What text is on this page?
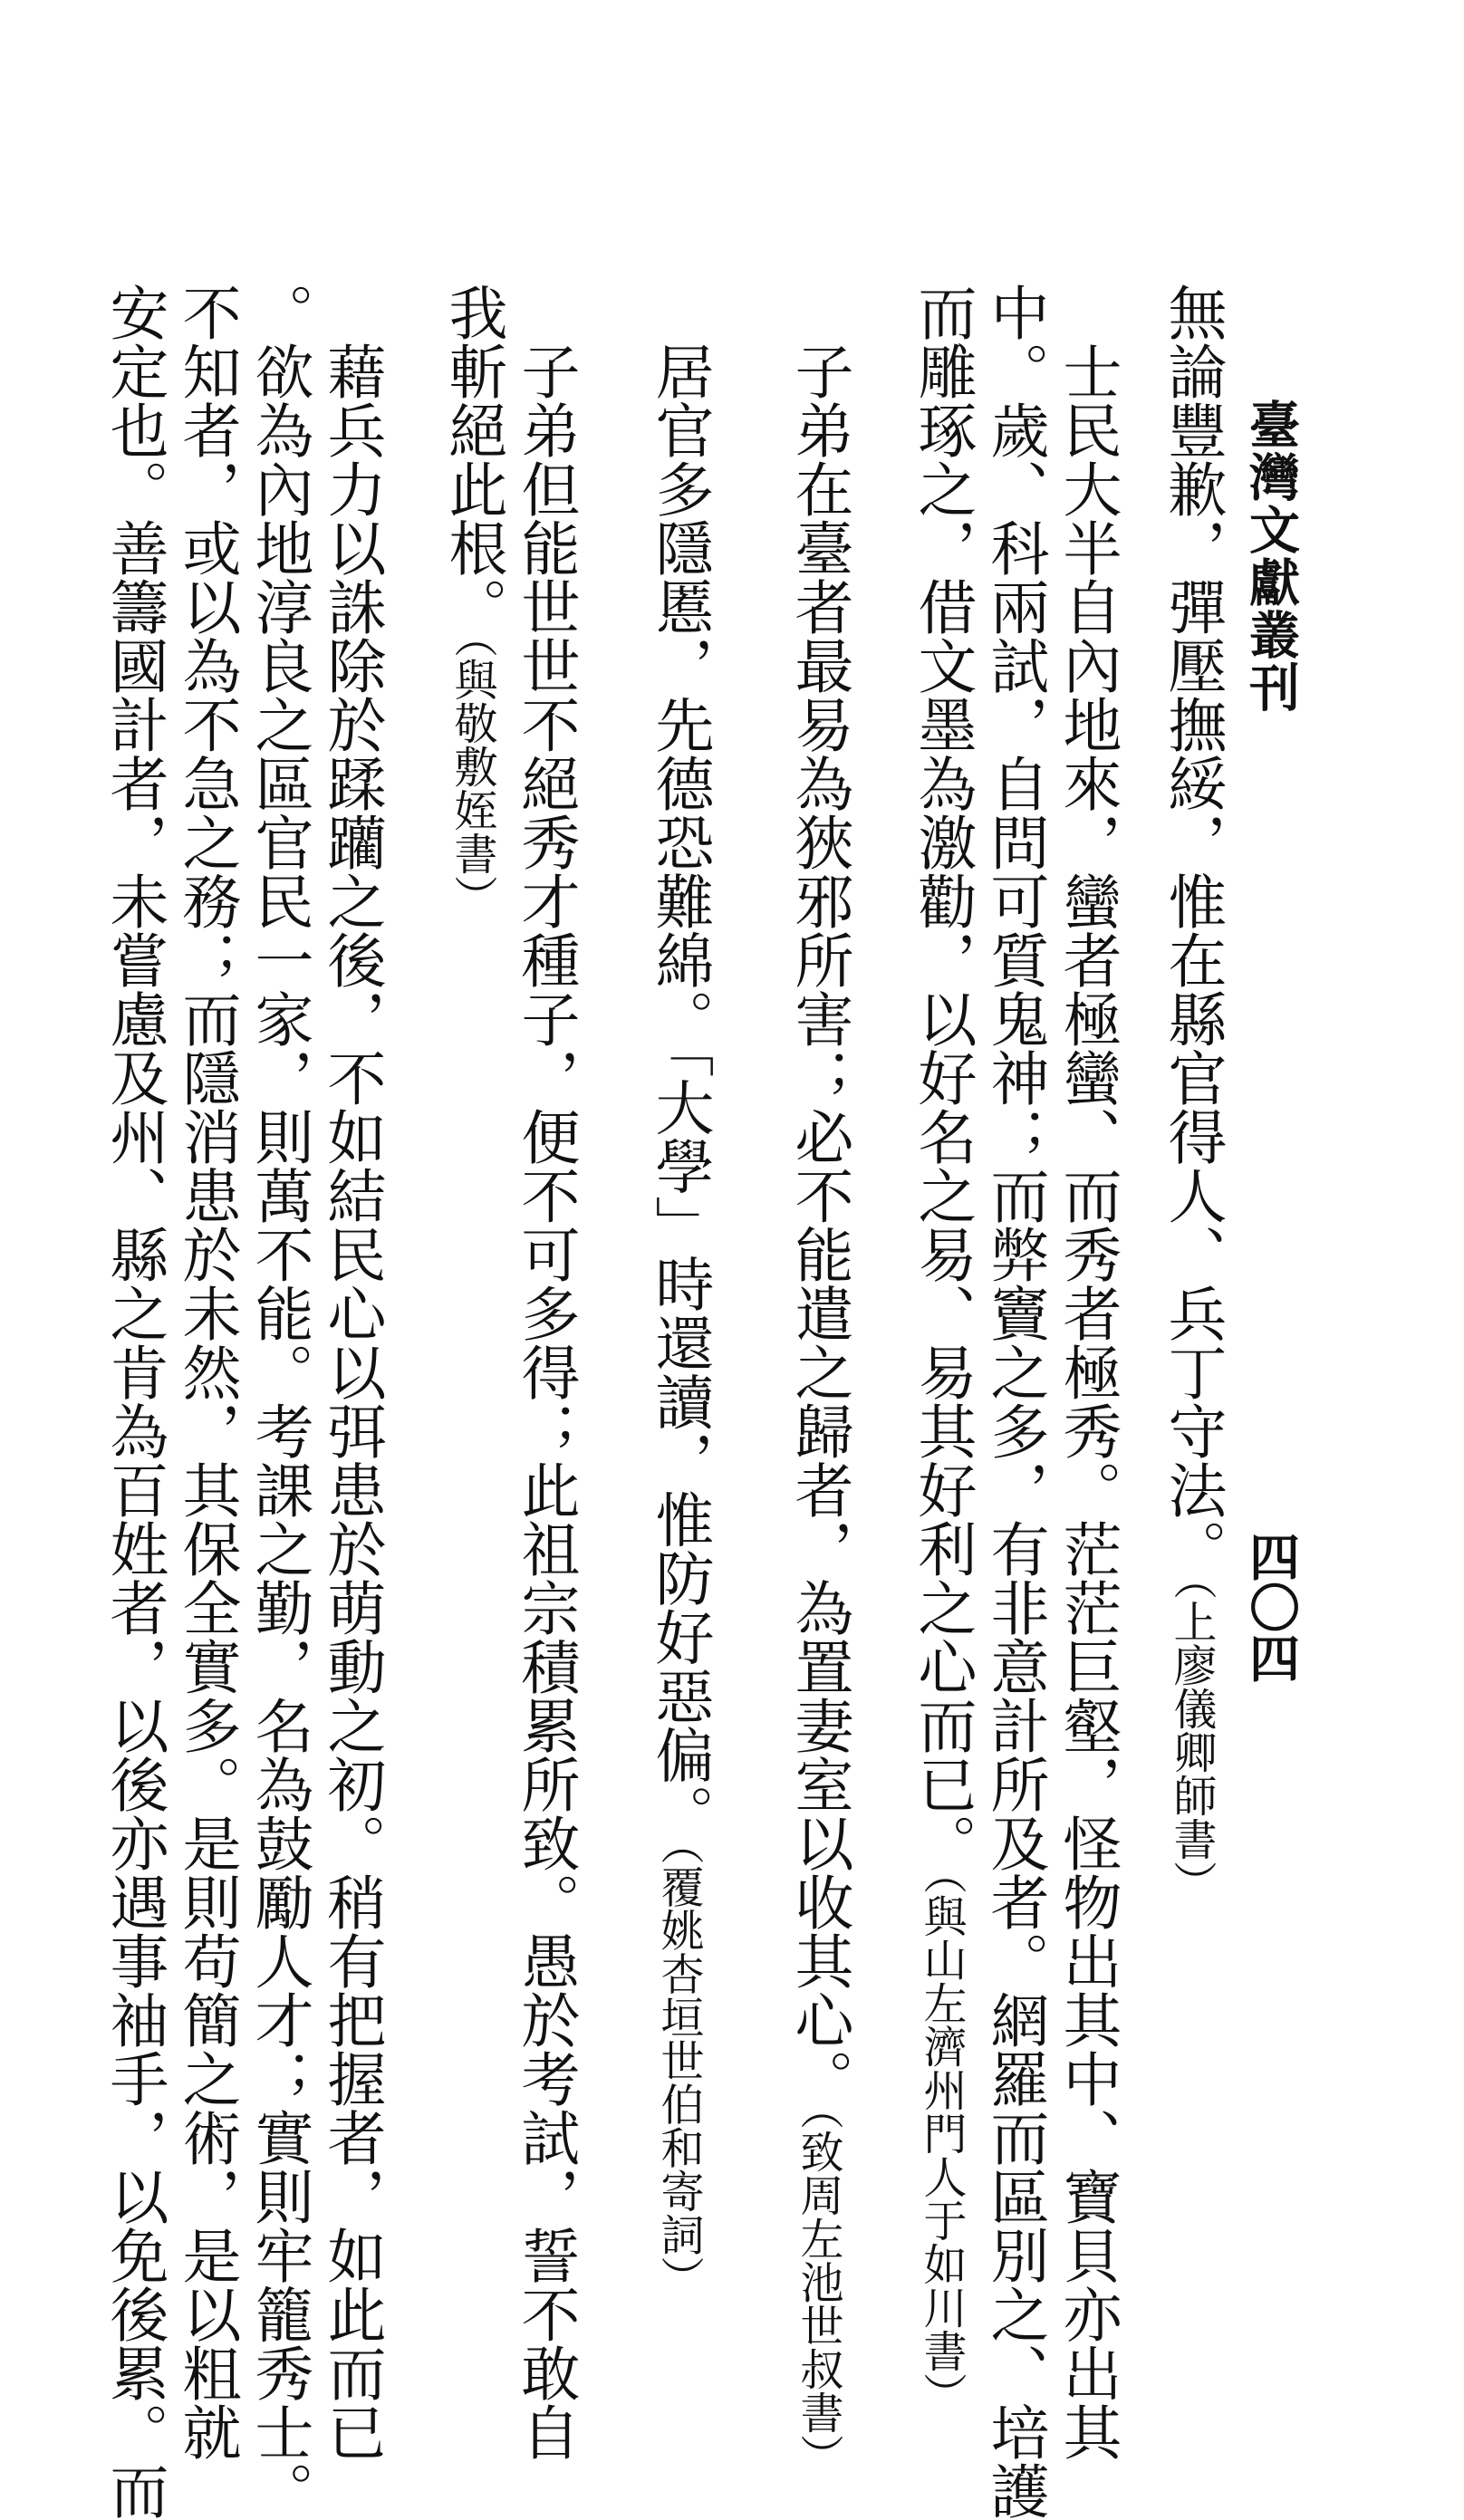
臺灣文獻叢刊
四〇四
無論豐歉，彈壓撫綏，惟在縣官得人、兵丁守法。（上廖儀卿師書）
　士民大半自內地來，蠻者極蠻、而秀者極秀。茫茫巨壑，怪物出其中、寶貝亦出其
中。歲、科兩試，自問可質鬼神；而弊竇之多，有非意計所及者。網羅而區別之、培護
而雕琢之，借文墨為激勸，以好名之易、易其好利之心而已。（與山左濟州門人于如川書）
　子弟在臺者最易為狹邪所害；必不能遣之歸者，為置妻室以收其心。（致周左池世叔書）
　居官多隱慝，先德恐難綿。「大學」時還讀，惟防好惡偏。（覆姚杏垣世伯和寄詞）
　子弟但能世世不絕秀才種子，便不可多得；此祖宗積累所致。愚於考試，誓不敢自
我斬絕此根。（與敬敷姪書）
　藉兵力以誅除於蹂躪之後，不如結民心以弭患於萌動之初。稍有把握者，如此而已
。欲為內地淳良之區官民一家，則萬不能。考課之勤，名為鼓勵人才；實則牢籠秀士。
不知者，或以為不急之務；而隱消患於未然，其保全實多。是則苟簡之術，是以粗就
安定也。善籌國計者，未嘗慮及州、縣之肯為百姓者，以後亦遇事袖手，以免後累。而
